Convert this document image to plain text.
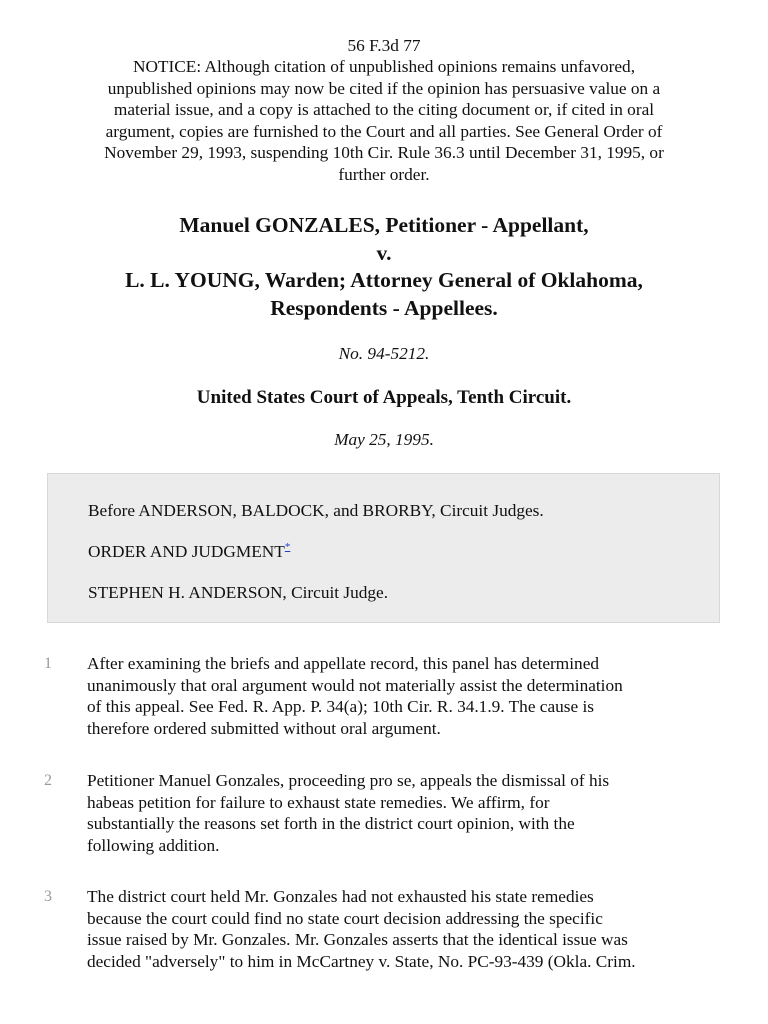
56 F.3d 77
NOTICE: Although citation of unpublished opinions remains unfavored,
unpublished opinions may now be cited if the opinion has persuasive value on a
material issue, and a copy is attached to the citing document or, if cited in oral
argument, copies are furnished to the Court and all parties. See General Order of
November 29, 1993, suspending 10th Cir. Rule 36.3 until December 31, 1995, or
further order.
Manuel GONZALES, Petitioner - Appellant,
v.
L. L. YOUNG, Warden; Attorney General of Oklahoma,
Respondents - Appellees.
No. 94-5212.
United States Court of Appeals, Tenth Circuit.
May 25, 1995.
Before ANDERSON, BALDOCK, and BRORBY, Circuit Judges.
ORDER AND JUDGMENT*
STEPHEN H. ANDERSON, Circuit Judge.
1 After examining the briefs and appellate record, this panel has determined
unanimously that oral argument would not materially assist the determination
of this appeal. See Fed. R. App. P. 34(a); 10th Cir. R. 34.1.9. The cause is
therefore ordered submitted without oral argument.
2 Petitioner Manuel Gonzales, proceeding pro se, appeals the dismissal of his
habeas petition for failure to exhaust state remedies. We affirm, for
substantially the reasons set forth in the district court opinion, with the
following addition.
3 The district court held Mr. Gonzales had not exhausted his state remedies
because the court could find no state court decision addressing the specific
issue raised by Mr. Gonzales. Mr. Gonzales asserts that the identical issue was
decided "adversely" to him in McCartney v. State, No. PC-93-439 (Okla. Crim.
